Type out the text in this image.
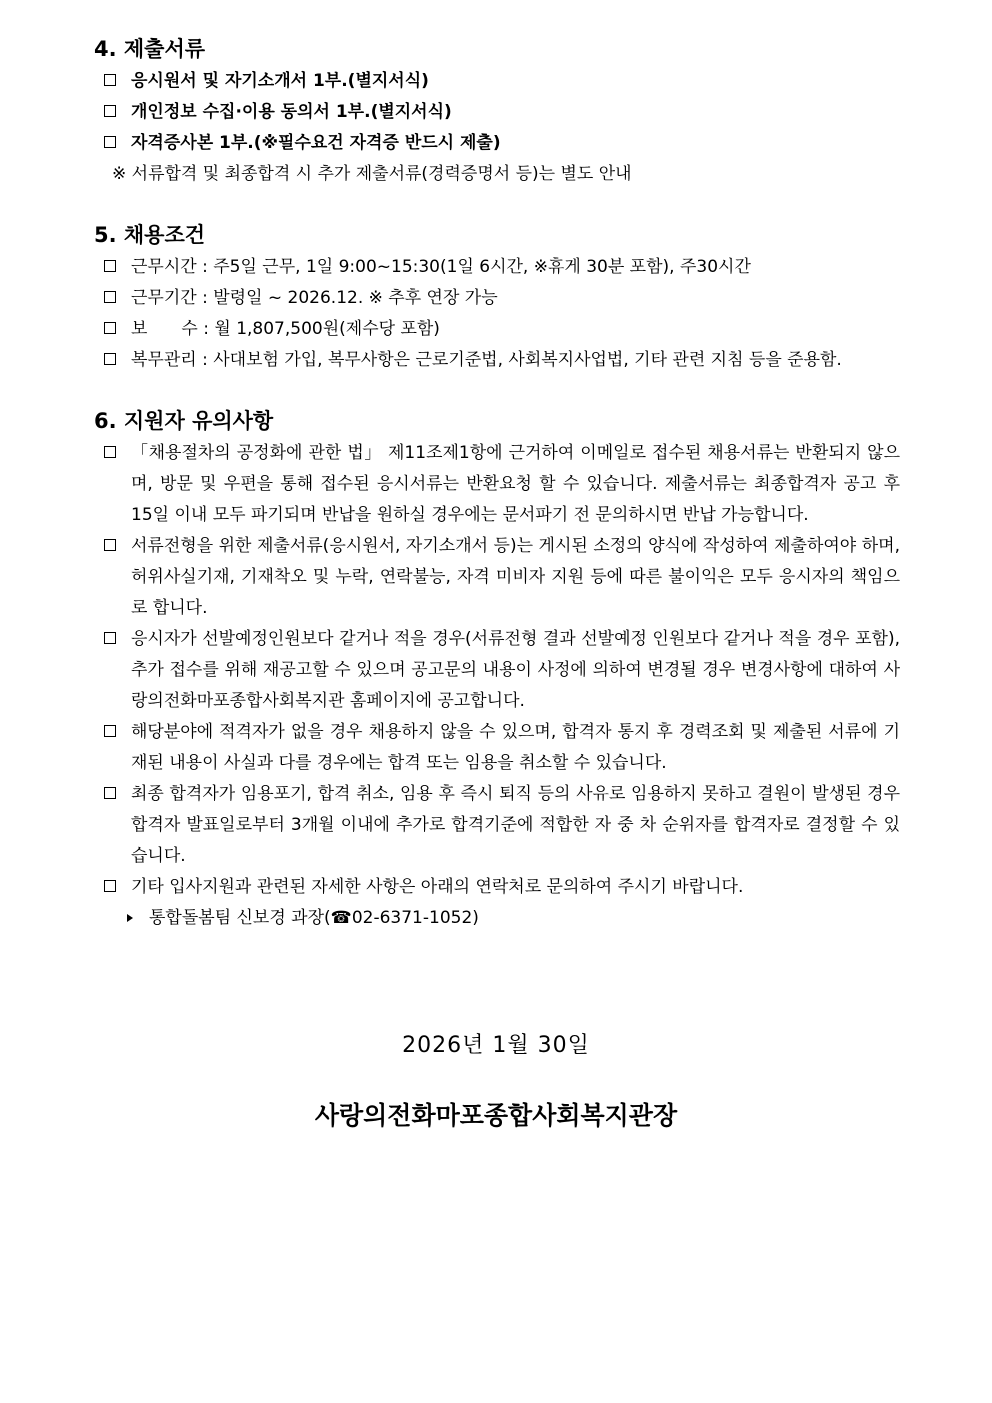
4. 제출서류
응시원서 및 자기소개서 1부.(별지서식)
개인정보 수집·이용 동의서 1부.(별지서식)
자격증사본 1부.(※필수요건 자격증 반드시 제출)
※ 서류합격 및 최종합격 시 추가 제출서류(경력증명서 등)는 별도 안내
5. 채용조건
근무시간 : 주5일 근무, 1일 9:00~15:30(1일 6시간, ※휴게 30분 포함), 주30시간
근무기간 : 발령일 ~ 2026.12. ※ 추후 연장 가능
보　　수 : 월 1,807,500원(제수당 포함)
복무관리 : 사대보험 가입, 복무사항은 근로기준법, 사회복지사업법, 기타 관련 지침 등을 준용함.
6. 지원자 유의사항
「채용절차의 공정화에 관한 법」 제11조제1항에 근거하여 이메일로 접수된 채용서류는 반환되지 않으며, 방문 및 우편을 통해 접수된 응시서류는 반환요청 할 수 있습니다. 제출서류는 최종합격자 공고 후 15일 이내 모두 파기되며 반납을 원하실 경우에는 문서파기 전 문의하시면 반납 가능합니다.
서류전형을 위한 제출서류(응시원서, 자기소개서 등)는 게시된 소정의 양식에 작성하여 제출하여야 하며, 허위사실기재, 기재착오 및 누락, 연락불능, 자격 미비자 지원 등에 따른 불이익은 모두 응시자의 책임으로 합니다.
응시자가 선발예정인원보다 같거나 적을 경우(서류전형 결과 선발예정 인원보다 같거나 적을 경우 포함), 추가 접수를 위해 재공고할 수 있으며 공고문의 내용이 사정에 의하여 변경될 경우 변경사항에 대하여 사랑의전화마포종합사회복지관 홈페이지에 공고합니다.
해당분야에 적격자가 없을 경우 채용하지 않을 수 있으며, 합격자 통지 후 경력조회 및 제출된 서류에 기재된 내용이 사실과 다를 경우에는 합격 또는 임용을 취소할 수 있습니다.
최종 합격자가 임용포기, 합격 취소, 임용 후 즉시 퇴직 등의 사유로 임용하지 못하고 결원이 발생된 경우 합격자 발표일로부터 3개월 이내에 추가로 합격기준에 적합한 자 중 차 순위자를 합격자로 결정할 수 있습니다.
기타 입사지원과 관련된 자세한 사항은 아래의 연락처로 문의하여 주시기 바랍니다.
통합돌봄팀 신보경 과장(☎02-6371-1052)
2026년 1월 30일
사랑의전화마포종합사회복지관장
